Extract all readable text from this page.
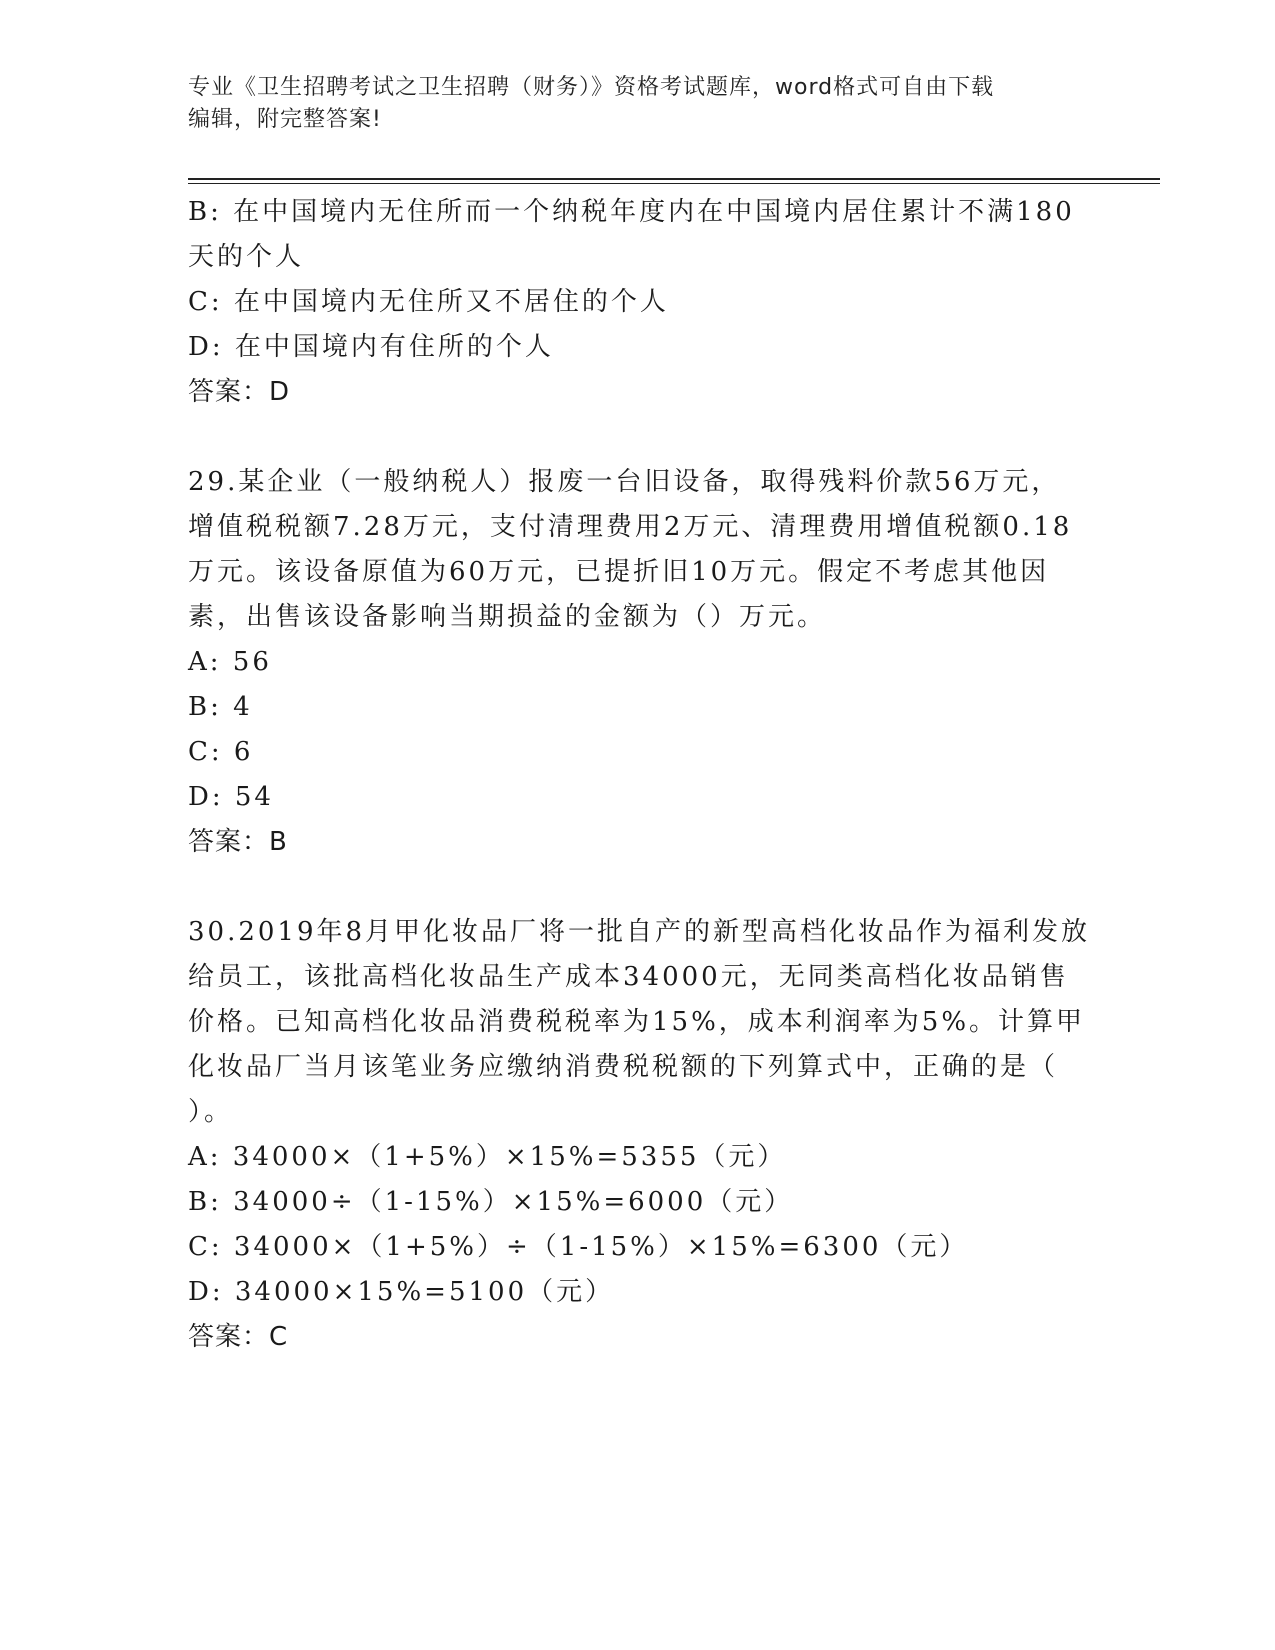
专业《卫生招聘考试之卫生招聘（财务）》资格考试题库，word格式可自由下载
编辑，附完整答案!
B: 在中国境内无住所而一个纳税年度内在中国境内居住累计不满180
天的个人
C: 在中国境内无住所又不居住的个人
D: 在中国境内有住所的个人
答案：D
29.某企业（一般纳税人）报废一台旧设备，取得残料价款56万元，
增值税税额7.28万元，支付清理费用2万元、清理费用增值税额0.18
万元。该设备原值为60万元，已提折旧10万元。假定不考虑其他因
素，出售该设备影响当期损益的金额为（）万元。
A: 56
B: 4
C: 6
D: 54
答案：B
30.2019年8月甲化妆品厂将一批自产的新型高档化妆品作为福利发放
给员工，该批高档化妆品生产成本34000元，无同类高档化妆品销售
价格。已知高档化妆品消费税税率为15%，成本利润率为5%。计算甲
化妆品厂当月该笔业务应缴纳消费税税额的下列算式中，正确的是（
）。
A: 34000×（1+5%）×15%=5355（元）
B: 34000÷（1-15%）×15%=6000（元）
C: 34000×（1+5%）÷（1-15%）×15%=6300（元）
D: 34000×15%=5100（元）
答案：C
